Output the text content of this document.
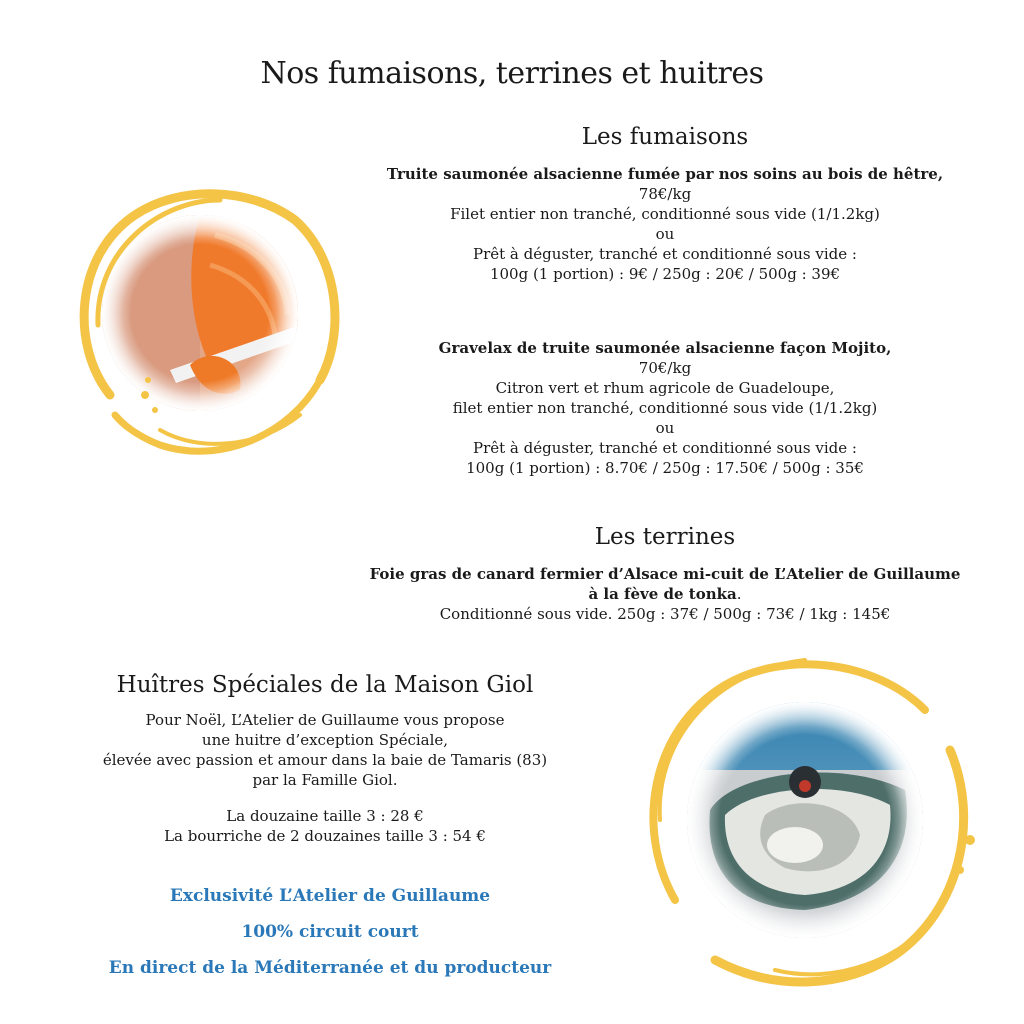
Nos fumaisons, terrines et huitres
Les fumaisons
Truite saumonée alsacienne fumée par nos soins au bois de hêtre,
78€/kg
Filet entier non tranché, conditionné sous vide (1/1.2kg)
ou
Prêt à déguster, tranché et conditionné sous vide :
100g (1 portion) : 9€ / 250g : 20€ / 500g : 39€
Gravelax de truite saumonée alsacienne façon Mojito,
70€/kg
Citron vert et rhum agricole de Guadeloupe,
filet entier non tranché, conditionné sous vide (1/1.2kg)
ou
Prêt à déguster, tranché et conditionné sous vide :
100g (1 portion) : 8.70€ / 250g : 17.50€ / 500g : 35€
Les terrines
Foie gras de canard fermier d’Alsace mi-cuit de L’Atelier de Guillaume
à la fève de tonka.
Conditionné sous vide. 250g : 37€ / 500g : 73€ / 1kg : 145€
Huîtres Spéciales de la Maison Giol
Pour Noël, L’Atelier de Guillaume vous propose
une huitre d’exception Spéciale,
élevée avec passion et amour dans la baie de Tamaris (83)
par la Famille Giol.
La douzaine taille 3 : 28 €
La bourriche de 2 douzaines taille 3 : 54 €
Exclusivité L’Atelier de Guillaume
100% circuit court
En direct de la Méditerranée et du producteur
